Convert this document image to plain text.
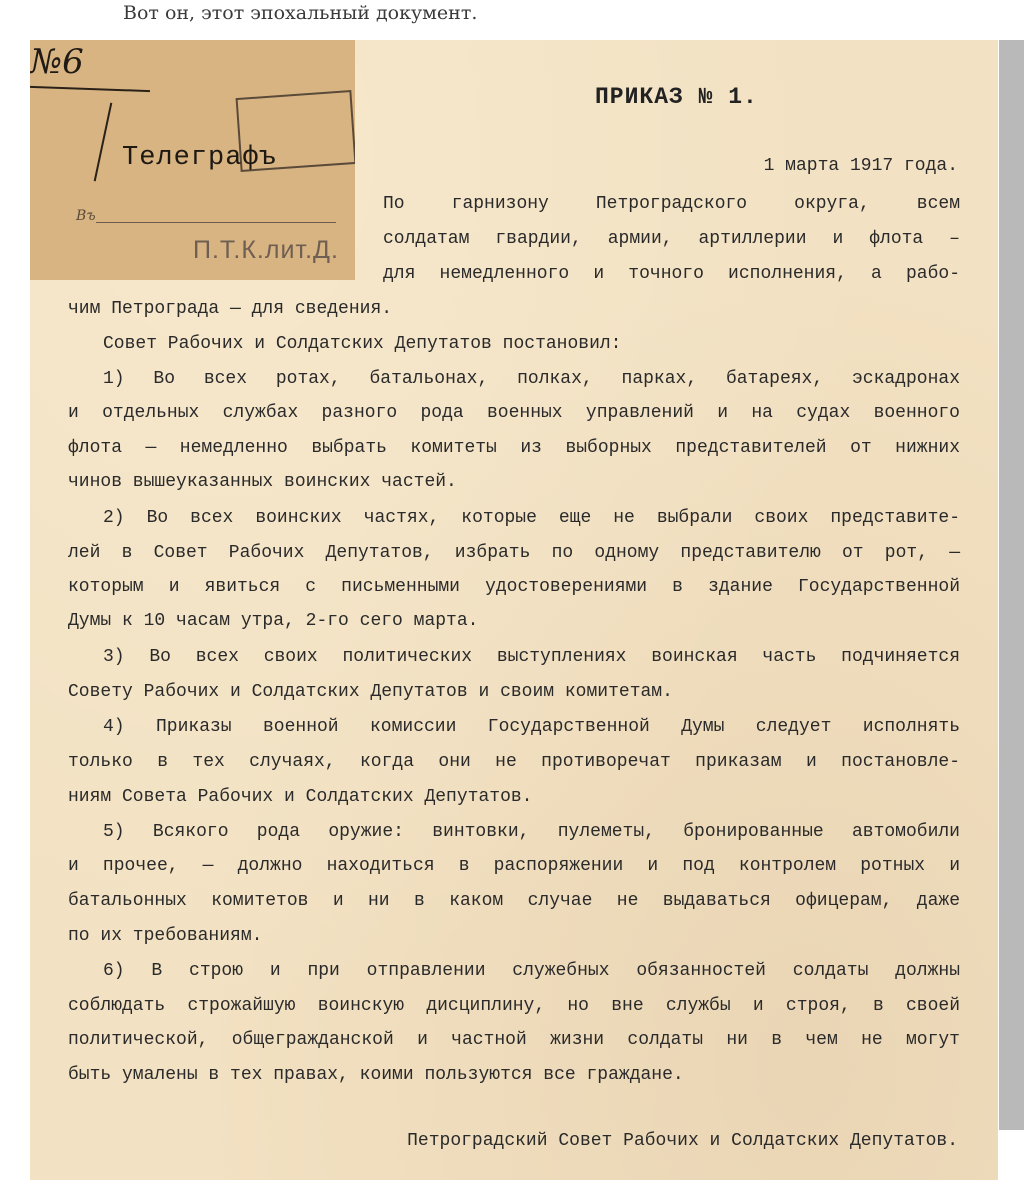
Вот он, этот эпохальный документ.
№6
Телеграфъ
Въ
П.Т.К.лит.Д.
ПРИКАЗ № 1.
1 марта 1917 года.
По гарнизону Петроградского округа, всем
солдатам гвардии, армии, артиллерии и флота –
для немедленного и точного исполнения, а рабо-
чим Петрограда — для сведения.
Совет Рабочих и Солдатских Депутатов постановил:
1) Во всех ротах, батальонах, полках, парках, батареях, эскадронах
и отдельных службах разного рода военных управлений и на судах военного
флота — немедленно выбрать комитеты из выборных представителей от нижних
чинов вышеуказанных воинских частей.
2) Во всех воинских частях, которые еще не выбрали своих представите-
лей в Совет Рабочих Депутатов, избрать по одному представителю от рот, —
которым и явиться с письменными удостоверениями в здание Государственной
Думы к 10 часам утра, 2-го сего марта.
3) Во всех своих политических выступлениях воинская часть подчиняется
Совету Рабочих и Солдатских Депутатов и своим комитетам.
4) Приказы военной комиссии Государственной Думы следует исполнять
только в тех случаях, когда они не противоречат приказам и постановле-
ниям Совета Рабочих и Солдатских Депутатов.
5) Всякого рода оружие: винтовки, пулеметы, бронированные автомобили
и прочее, — должно находиться в распоряжении и под контролем ротных и
батальонных комитетов и ни в каком случае не выдаваться офицерам, даже
по их требованиям.
6) В строю и при отправлении служебных обязанностей солдаты должны
соблюдать строжайшую воинскую дисциплину, но вне службы и строя, в своей
политической, общегражданской и частной жизни солдаты ни в чем не могут
быть умалены в тех правах, коими пользуются все граждане.
Петроградский Совет Рабочих и Солдатских Депутатов.
